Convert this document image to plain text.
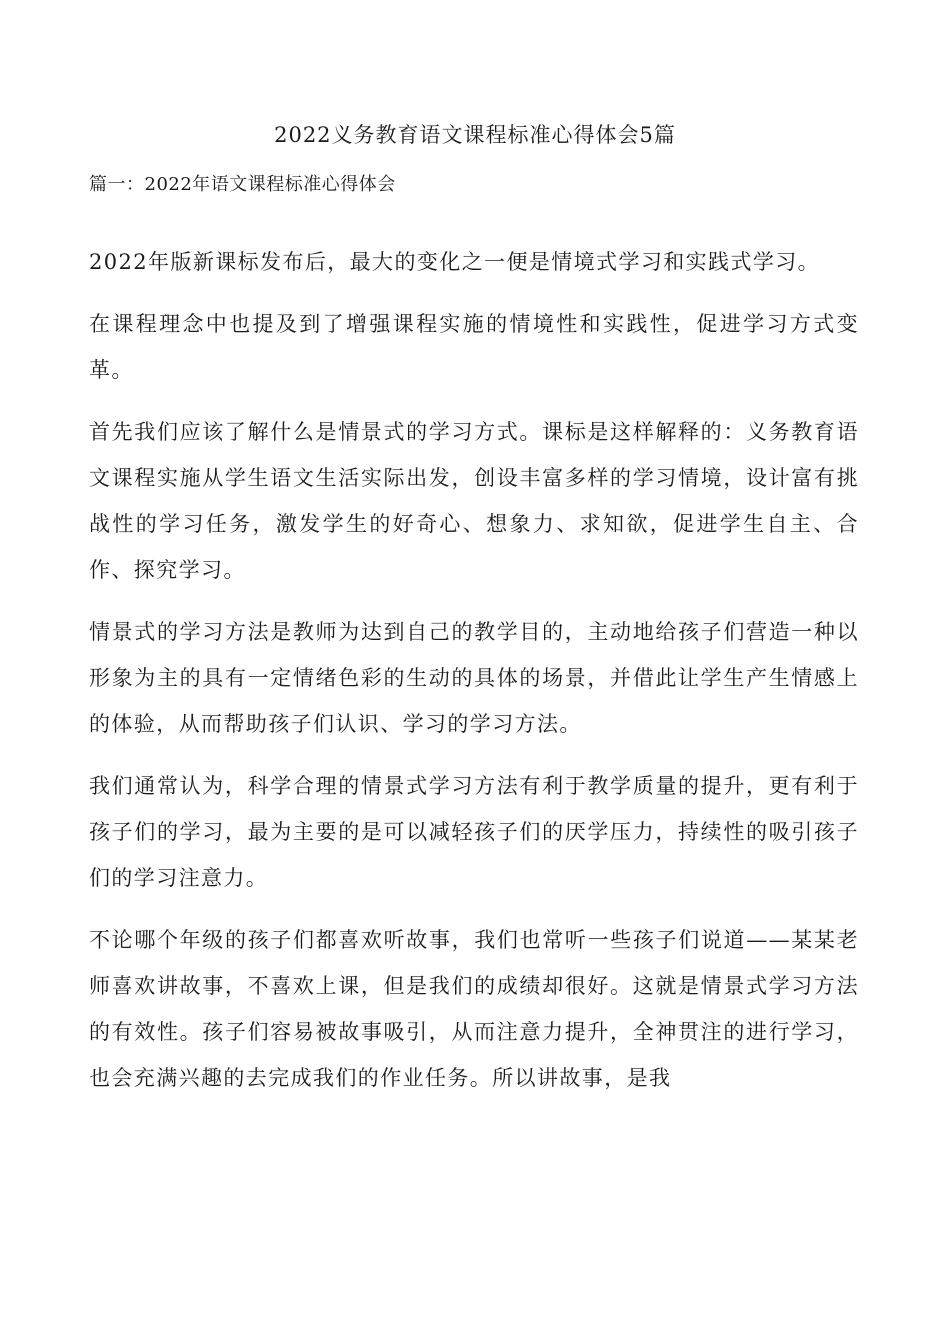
2022义务教育语文课程标准心得体会5篇
篇一：2022年语文课程标准心得体会

2022年版新课标发布后，最大的变化之一便是情境式学习和实践式学习。

在课程理念中也提及到了增强课程实施的情境性和实践性，促进学习方式变革。

首先我们应该了解什么是情景式的学习方式。课标是这样解释的：义务教育语文课程实施从学生语文生活实际出发，创设丰富多样的学习情境，设计富有挑战性的学习任务，激发学生的好奇心、想象力、求知欲，促进学生自主、合作、探究学习。

情景式的学习方法是教师为达到自己的教学目的，主动地给孩子们营造一种以形象为主的具有一定情绪色彩的生动的具体的场景，并借此让学生产生情感上的体验，从而帮助孩子们认识、学习的学习方法。

我们通常认为，科学合理的情景式学习方法有利于教学质量的提升，更有利于孩子们的学习，最为主要的是可以减轻孩子们的厌学压力，持续性的吸引孩子们的学习注意力。

不论哪个年级的孩子们都喜欢听故事，我们也常听一些孩子们说道——某某老师喜欢讲故事，不喜欢上课，但是我们的成绩却很好。这就是情景式学习方法的有效性。孩子们容易被故事吸引，从而注意力提升，全神贯注的进行学习，也会充满兴趣的去完成我们的作业任务。所以讲故事，是我
